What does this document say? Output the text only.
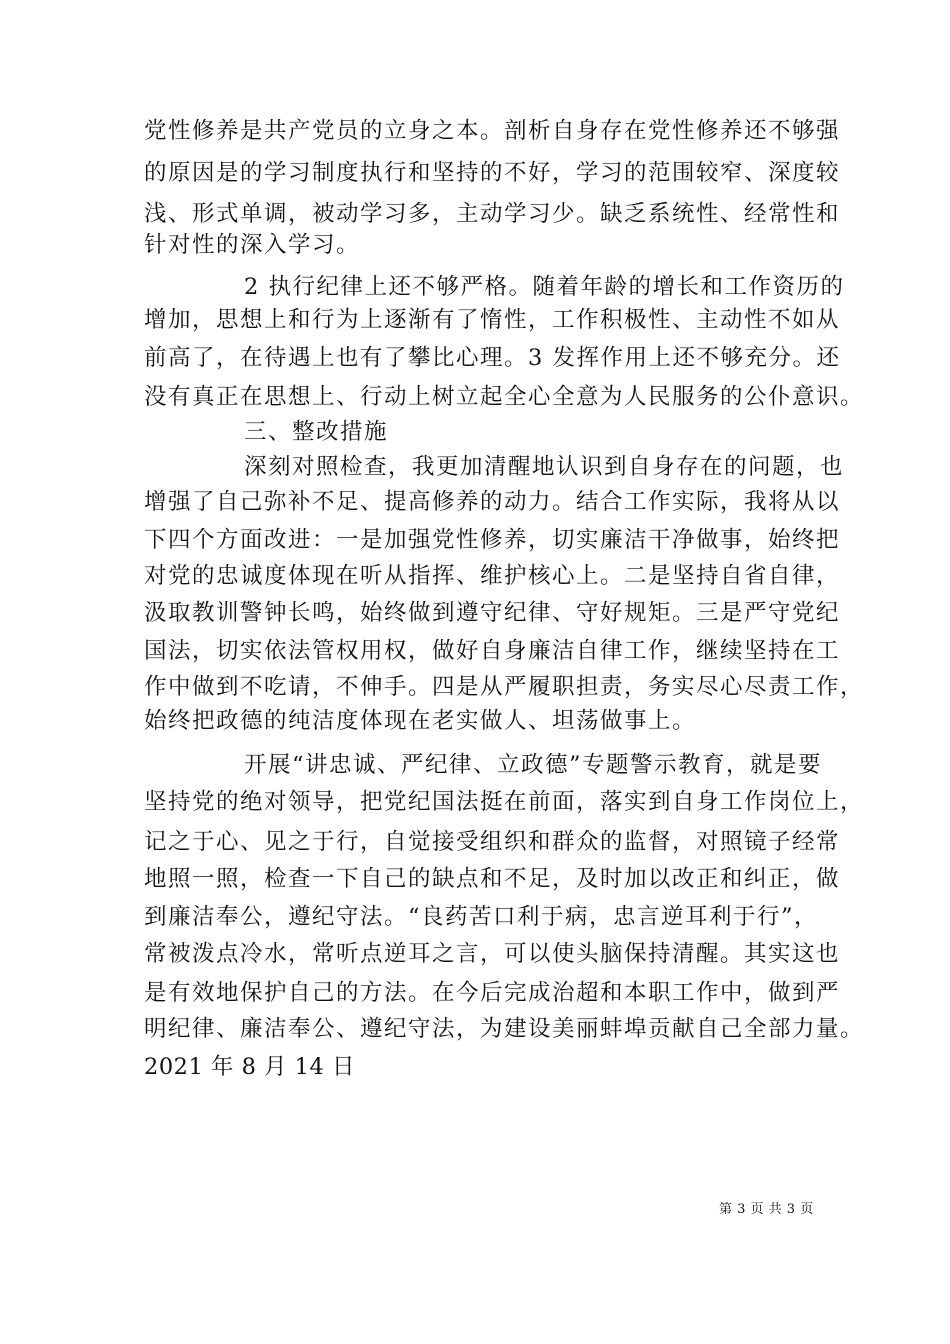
党性修养是共产党员的立身之本。剖析自身存在党性修养还不够强
的原因是的学习制度执行和坚持的不好，学习的范围较窄、深度较
浅、形式单调，被动学习多，主动学习少。缺乏系统性、经常性和
针对性的深入学习。
2 执行纪律上还不够严格。随着年龄的增长和工作资历的
增加，思想上和行为上逐渐有了惰性，工作积极性、主动性不如从
前高了，在待遇上也有了攀比心理。3 发挥作用上还不够充分。还
没有真正在思想上、行动上树立起全心全意为人民服务的公仆意识。
三、整改措施
深刻对照检查，我更加清醒地认识到自身存在的问题，也
增强了自己弥补不足、提高修养的动力。结合工作实际，我将从以
下四个方面改进：一是加强党性修养，切实廉洁干净做事，始终把
对党的忠诚度体现在听从指挥、维护核心上。二是坚持自省自律，
汲取教训警钟长鸣，始终做到遵守纪律、守好规矩。三是严守党纪
国法，切实依法管权用权，做好自身廉洁自律工作，继续坚持在工
作中做到不吃请，不伸手。四是从严履职担责，务实尽心尽责工作，
始终把政德的纯洁度体现在老实做人、坦荡做事上。
开展“讲忠诚、严纪律、立政德”专题警示教育，就是要
坚持党的绝对领导，把党纪国法挺在前面，落实到自身工作岗位上，
记之于心、见之于行，自觉接受组织和群众的监督，对照镜子经常
地照一照，检查一下自己的缺点和不足，及时加以改正和纠正，做
到廉洁奉公，遵纪守法。“良药苦口利于病，忠言逆耳利于行”，
常被泼点冷水，常听点逆耳之言，可以使头脑保持清醒。其实这也
是有效地保护自己的方法。在今后完成治超和本职工作中，做到严
明纪律、廉洁奉公、遵纪守法，为建设美丽蚌埠贡献自己全部力量。
2021 年 8 月 14 日
第 3 页 共 3 页
